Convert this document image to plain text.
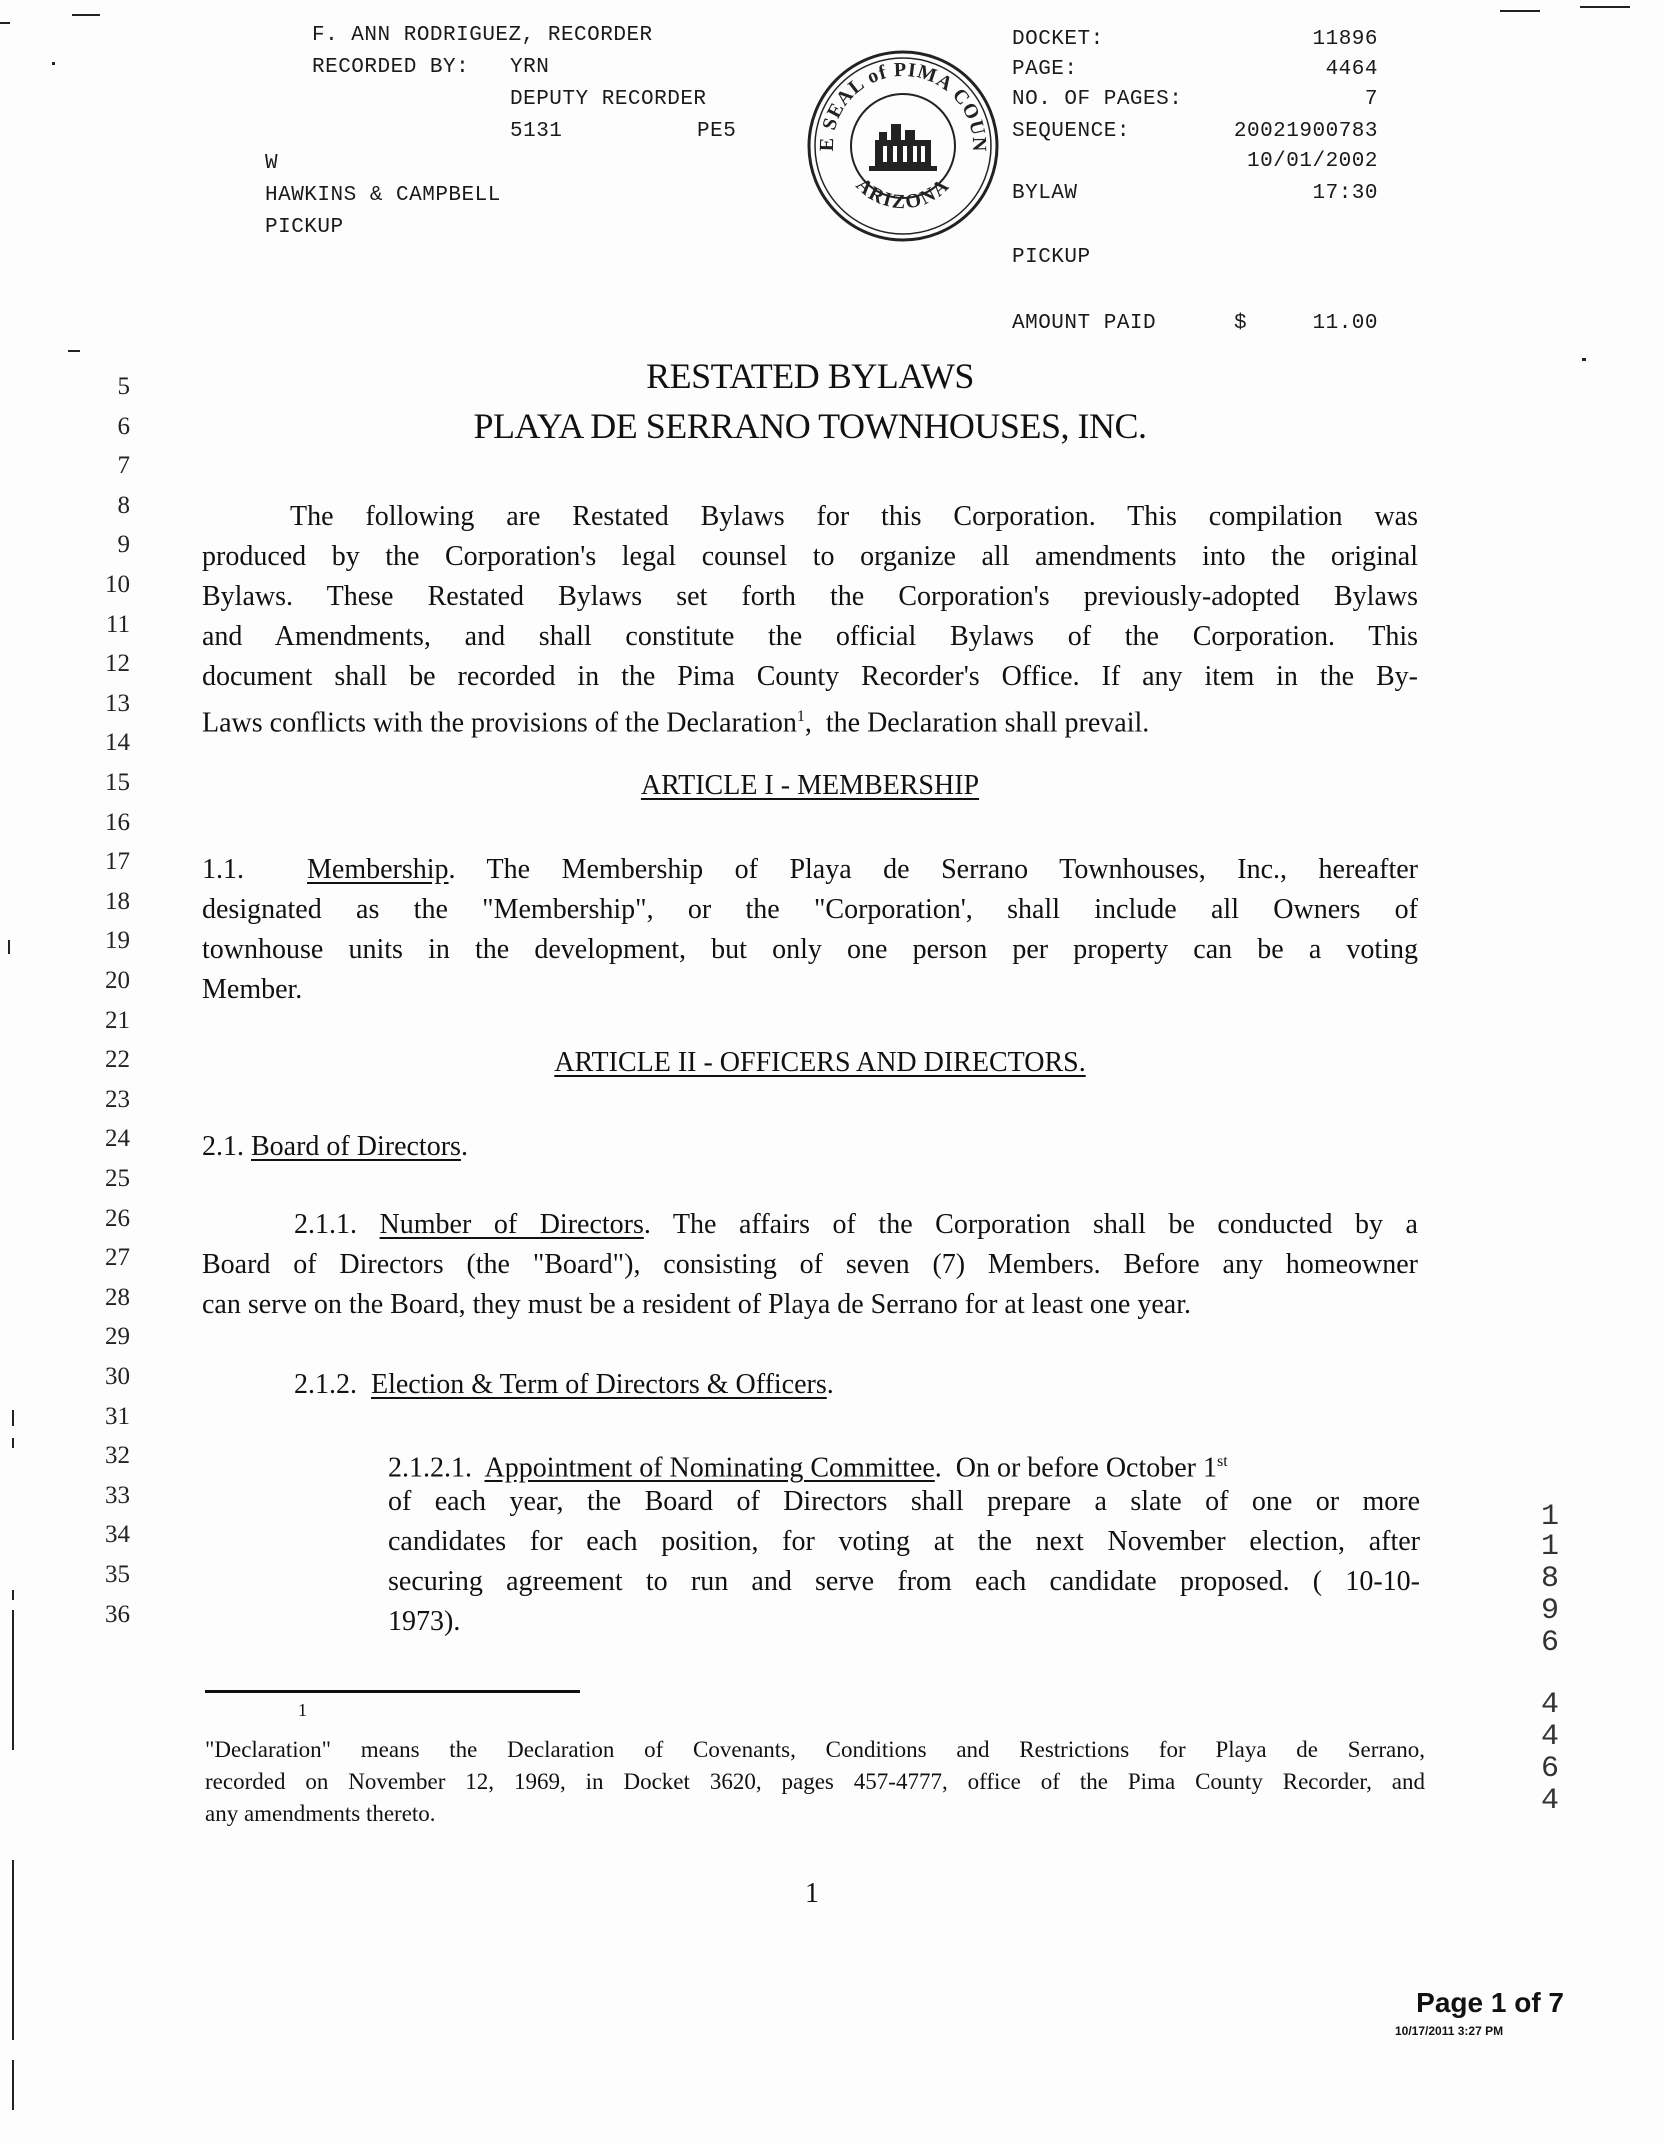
F. ANN RODRIGUEZ, RECORDER
RECORDED BY: YRN
DEPUTY RECORDER
5131	PE5
W
HAWKINS & CAMPBELL
PICKUP
E SEAL of PIMA COUN
ARIZONA
DOCKET:	11896
PAGE:	4464
NO. OF PAGES:	7
SEQUENCE:	20021900783
10/01/2002
BYLAW	17:30
PICKUP
AMOUNT PAID	$	11.00
5
6
7
8
9
10
11
12
13
14
15
16
17
18
19
20
21
22
23
24
25
26
27
28
29
30
31
32
33
34
35
36
RESTATED BYLAWS
PLAYA DE SERRANO TOWNHOUSES, INC.
The following are Restated Bylaws for this Corporation. This compilation was
produced by the Corporation's legal counsel to organize all amendments into the original
Bylaws. These Restated Bylaws set forth the Corporation's previously-adopted Bylaws
and Amendments, and shall constitute the official Bylaws of the Corporation. This
document shall be recorded in the Pima County Recorder's Office. If any item in the By-
Laws conflicts with the provisions of the Declaration$^1$,  the Declaration shall prevail.
ARTICLE I - MEMBERSHIP
1.1. Membership. The Membership of Playa de Serrano Townhouses, Inc., hereafter
designated as the "Membership", or the "Corporation', shall include all Owners of
townhouse units in the development, but only one person per property can be a voting
Member.
ARTICLE II - OFFICERS AND DIRECTORS.
2.1. Board of Directors.
2.1.1. Number of Directors. The affairs of the Corporation shall be conducted by a
Board of Directors (the "Board"), consisting of seven (7) Members. Before any homeowner
can serve on the Board, they must be a resident of Playa de Serrano for at least one year.
2.1.2. Election & Term of Directors & Officers.
2.1.2.1. Appointment of Nominating Committee.  On or before October 1st
of each year, the Board of Directors shall prepare a slate of one or more
candidates for each position, for voting at the next November election, after
securing agreement to run and serve from each candidate proposed. ( 10-10-
1973).
1
"Declaration" means the Declaration of Covenants, Conditions and Restrictions for Playa de Serrano,
recorded on November 12, 1969, in Docket 3620, pages 457-4777, office of the Pima County Recorder, and
any amendments thereto.
1
1
1
8
9
6
4
4
6
4
Page 1 of 7
10/17/2011 3:27 PM
